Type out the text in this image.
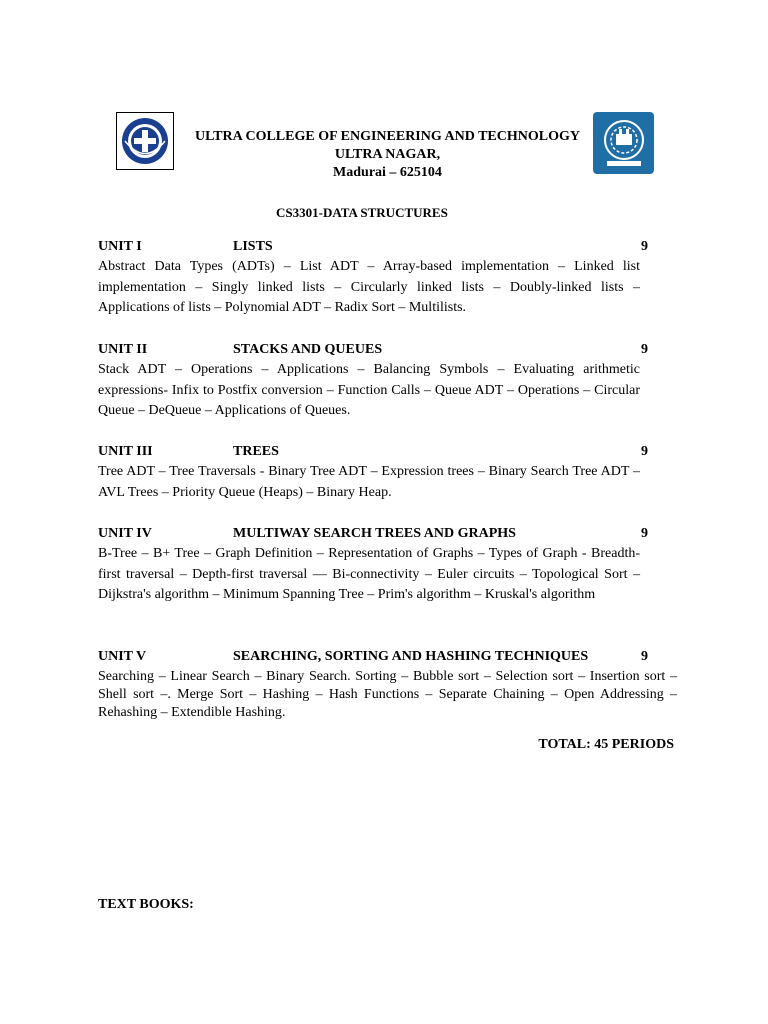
ULTRA COLLEGE OF ENGINEERING AND TECHNOLOGY
ULTRA NAGAR,
Madurai – 625104
CS3301-DATA STRUCTURES
UNIT I	LISTS	9
Abstract Data Types (ADTs) – List ADT – Array-based implementation – Linked list implementation – Singly linked lists – Circularly linked lists – Doubly-linked lists – Applications of lists – Polynomial ADT – Radix Sort – Multilists.
UNIT II	STACKS AND QUEUES	9
Stack ADT – Operations – Applications – Balancing Symbols – Evaluating arithmetic expressions- Infix to Postfix conversion – Function Calls – Queue ADT – Operations – Circular Queue – DeQueue – Applications of Queues.
UNIT III	TREES	9
Tree ADT – Tree Traversals - Binary Tree ADT – Expression trees – Binary Search Tree ADT – AVL Trees – Priority Queue (Heaps) – Binary Heap.
UNIT IV	MULTIWAY SEARCH TREES AND GRAPHS	9
B-Tree – B+ Tree – Graph Definition – Representation of Graphs – Types of Graph - Breadth-first traversal – Depth-first traversal –– Bi-connectivity – Euler circuits – Topological Sort – Dijkstra's algorithm – Minimum Spanning Tree – Prim's algorithm – Kruskal's algorithm
UNIT V	SEARCHING, SORTING AND HASHING TECHNIQUES	9
Searching – Linear Search – Binary Search. Sorting – Bubble sort – Selection sort – Insertion sort – Shell sort –. Merge Sort – Hashing – Hash Functions – Separate Chaining – Open Addressing – Rehashing – Extendible Hashing.
TOTAL: 45 PERIODS
TEXT BOOKS:
